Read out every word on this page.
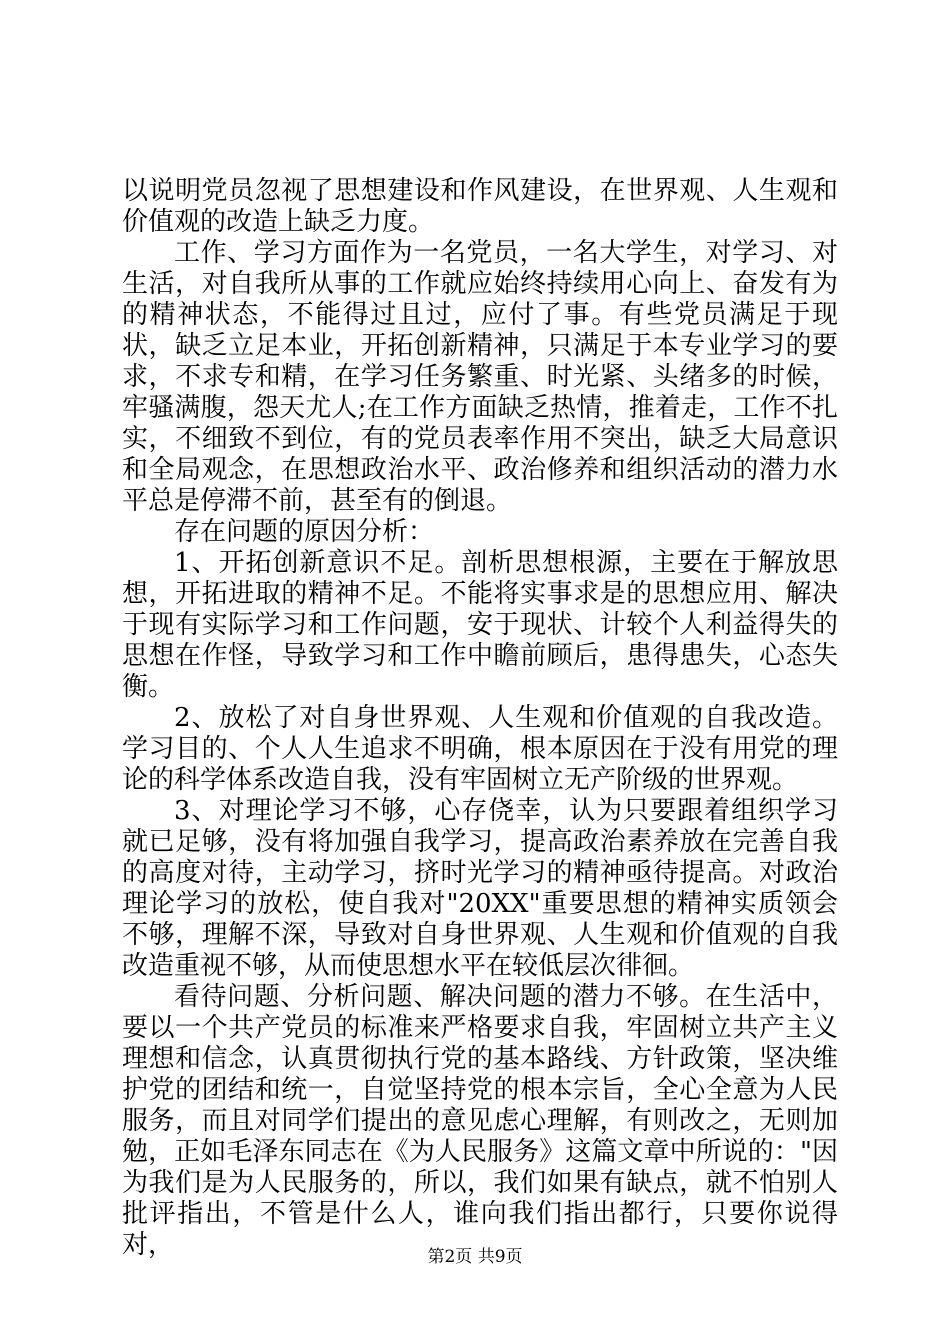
以说明党员忽视了思想建设和作风建设，在世界观、人生观和价值观的改造上缺乏力度。

工作、学习方面作为一名党员，一名大学生，对学习、对生活，对自我所从事的工作就应始终持续用心向上、奋发有为的精神状态，不能得过且过，应付了事。有些党员满足于现状，缺乏立足本业，开拓创新精神，只满足于本专业学习的要求，不求专和精，在学习任务繁重、时光紧、头绪多的时候，牢骚满腹，怨天尤人;在工作方面缺乏热情，推着走，工作不扎实，不细致不到位，有的党员表率作用不突出，缺乏大局意识和全局观念，在思想政治水平、政治修养和组织活动的潜力水平总是停滞不前，甚至有的倒退。

存在问题的原因分析：

1、开拓创新意识不足。剖析思想根源，主要在于解放思想，开拓进取的精神不足。不能将实事求是的思想应用、解决于现有实际学习和工作问题，安于现状、计较个人利益得失的思想在作怪，导致学习和工作中瞻前顾后，患得患失，心态失衡。

2、放松了对自身世界观、人生观和价值观的自我改造。学习目的、个人人生追求不明确，根本原因在于没有用党的理论的科学体系改造自我，没有牢固树立无产阶级的世界观。

3、对理论学习不够，心存侥幸，认为只要跟着组织学习就已足够，没有将加强自我学习，提高政治素养放在完善自我的高度对待，主动学习，挤时光学习的精神亟待提高。对政治理论学习的放松，使自我对"20XX"重要思想的精神实质领会不够，理解不深，导致对自身世界观、人生观和价值观的自我改造重视不够，从而使思想水平在较低层次徘徊。

看待问题、分析问题、解决问题的潜力不够。在生活中，要以一个共产党员的标准来严格要求自我，牢固树立共产主义理想和信念，认真贯彻执行党的基本路线、方针政策，坚决维护党的团结和统一，自觉坚持党的根本宗旨，全心全意为人民服务，而且对同学们提出的意见虑心理解，有则改之，无则加勉，正如毛泽东同志在《为人民服务》这篇文章中所说的："因为我们是为人民服务的，所以，我们如果有缺点，就不怕别人批评指出，不管是什么人，谁向我们指出都行，只要你说得对，	第2页 共9页
